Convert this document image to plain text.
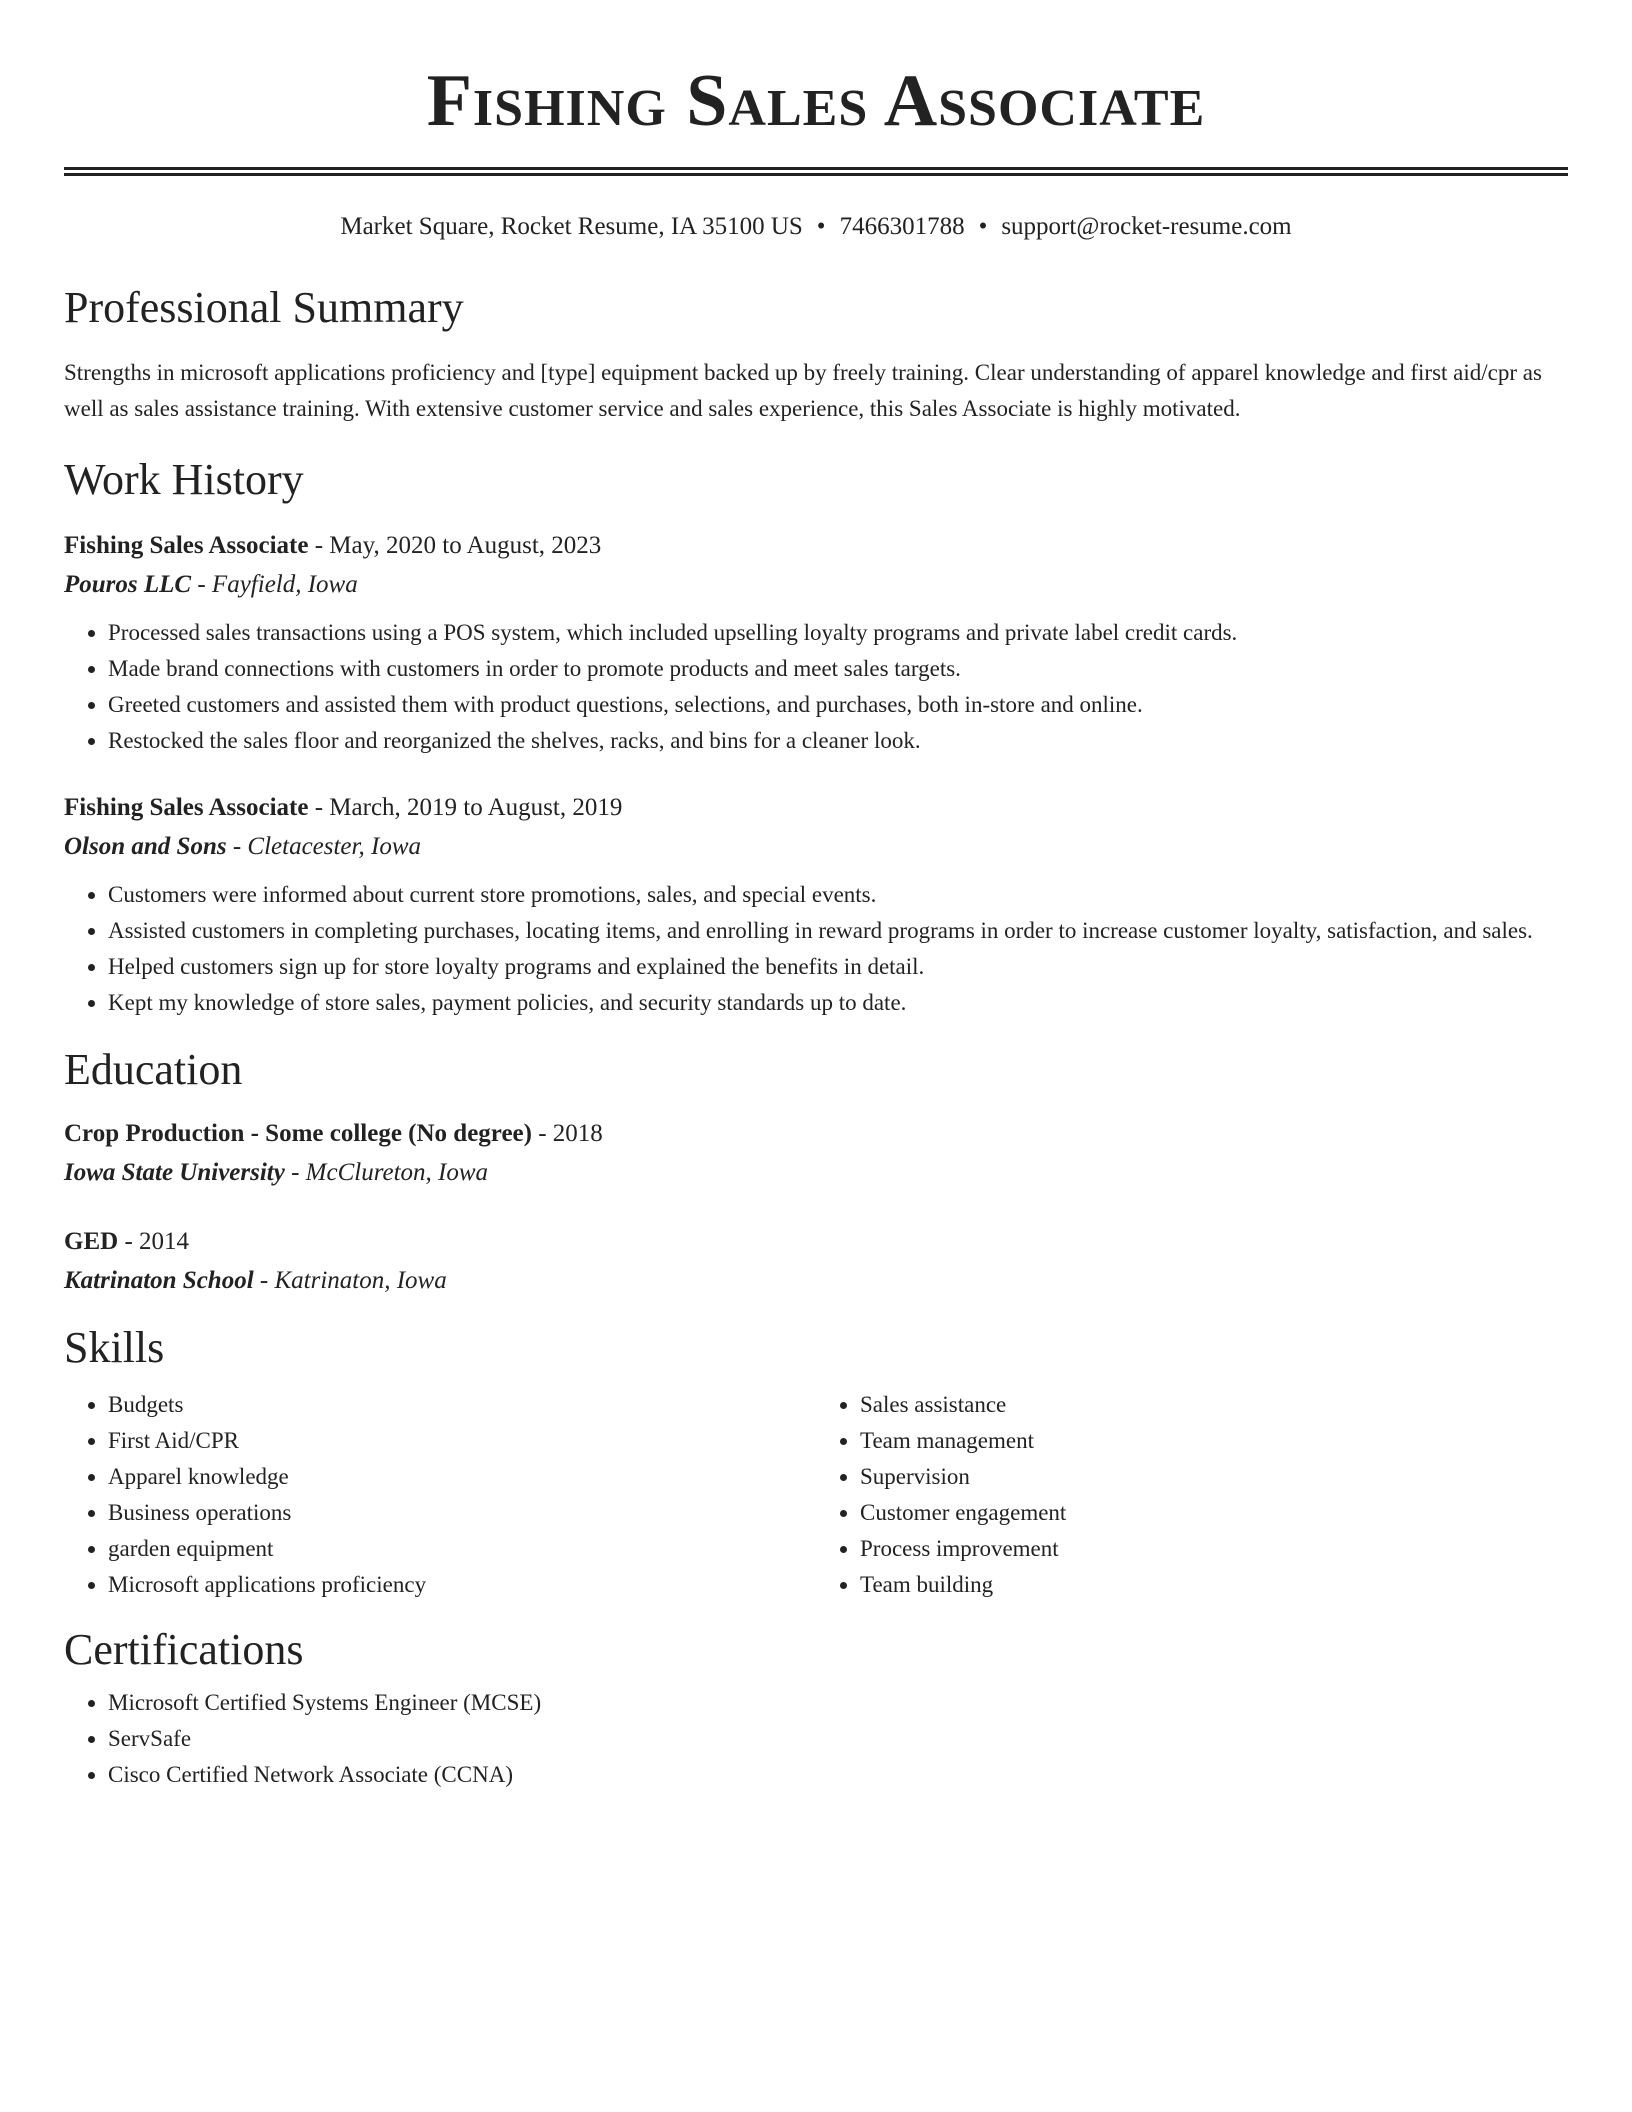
Fishing Sales Associate
Market Square, Rocket Resume, IA 35100 US • 7466301788 • support@rocket-resume.com
Professional Summary

Strengths in microsoft applications proficiency and [type] equipment backed up by freely training. Clear understanding of apparel knowledge and first aid/cpr as well as sales assistance training. With extensive customer service and sales experience, this Sales Associate is highly motivated.

Work History
Fishing Sales Associate - May, 2020 to August, 2023
Pouros LLC - Fayfield, Iowa
• Processed sales transactions using a POS system, which included upselling loyalty programs and private label credit cards.
• Made brand connections with customers in order to promote products and meet sales targets.
• Greeted customers and assisted them with product questions, selections, and purchases, both in-store and online.
• Restocked the sales floor and reorganized the shelves, racks, and bins for a cleaner look.
Fishing Sales Associate - March, 2019 to August, 2019
Olson and Sons - Cletacester, Iowa
• Customers were informed about current store promotions, sales, and special events.
• Assisted customers in completing purchases, locating items, and enrolling in reward programs in order to increase customer loyalty, satisfaction, and sales.
• Helped customers sign up for store loyalty programs and explained the benefits in detail.
• Kept my knowledge of store sales, payment policies, and security standards up to date.
Education
Crop Production - Some college (No degree) - 2018
Iowa State University - McClureton, Iowa
GED - 2014
Katrinaton School - Katrinaton, Iowa
Skills
• Budgets
• First Aid/CPR
• Apparel knowledge
• Business operations
• garden equipment
• Microsoft applications proficiency
• Sales assistance
• Team management
• Supervision
• Customer engagement
• Process improvement
• Team building
Certifications
• Microsoft Certified Systems Engineer (MCSE)
• ServSafe
• Cisco Certified Network Associate (CCNA)
